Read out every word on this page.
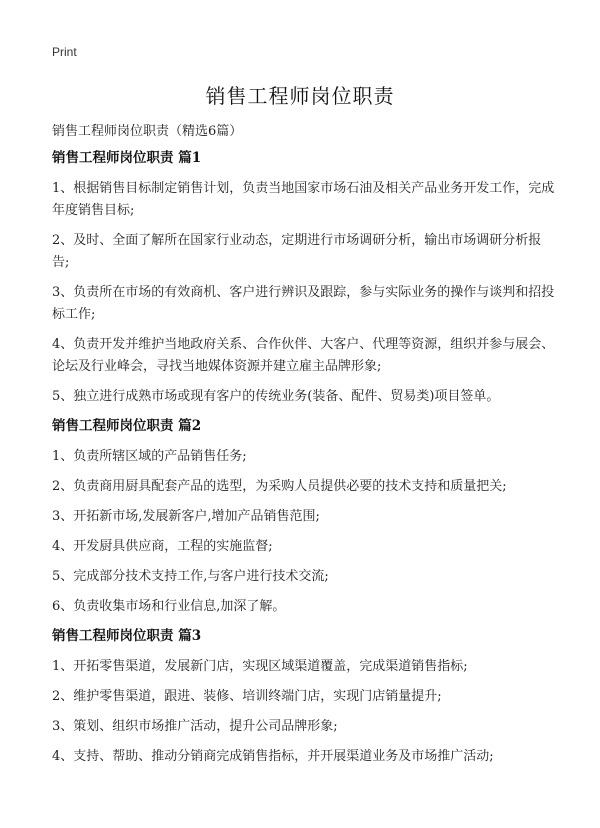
Print
销售工程师岗位职责
销售工程师岗位职责（精选6篇）

销售工程师岗位职责 篇1

1、根据销售目标制定销售计划，负责当地国家市场石油及相关产品业务开发工作，完成年度销售目标;

2、及时、全面了解所在国家行业动态，定期进行市场调研分析，输出市场调研分析报告;

3、负责所在市场的有效商机、客户进行辨识及跟踪，参与实际业务的操作与谈判和招投标工作;

4、负责开发并维护当地政府关系、合作伙伴、大客户、代理等资源，组织并参与展会、论坛及行业峰会，寻找当地媒体资源并建立雇主品牌形象;

5、独立进行成熟市场或现有客户的传统业务(装备、配件、贸易类)项目签单。

销售工程师岗位职责 篇2

1、负责所辖区域的产品销售任务;

2、负责商用厨具配套产品的选型，为采购人员提供必要的技术支持和质量把关;

3、开拓新市场,发展新客户,增加产品销售范围;

4、开发厨具供应商，工程的实施监督;

5、完成部分技术支持工作,与客户进行技术交流;

6、负责收集市场和行业信息,加深了解。

销售工程师岗位职责 篇3

1、开拓零售渠道，发展新门店，实现区域渠道覆盖，完成渠道销售指标;

2、维护零售渠道，跟进、装修、培训终端门店，实现门店销量提升;

3、策划、组织市场推广活动，提升公司品牌形象;

4、支持、帮助、推动分销商完成销售指标，并开展渠道业务及市场推广活动;
